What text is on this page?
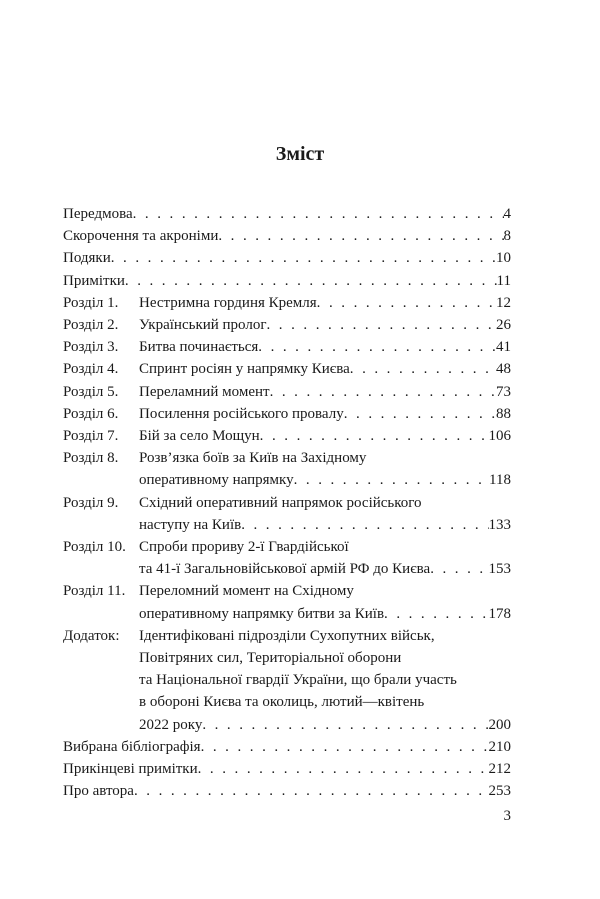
Зміст
Передмова . . .	4
Скорочення та акроніми . . .	8
Подяки . . .	10
Примітки . . .	11
Розділ 1.	Нестримна гординя Кремля . . .	12
Розділ 2.	Український пролог . . .	26
Розділ 3.	Битва починається . . .	41
Розділ 4.	Спринт росіян у напрямку Києва . . .	48
Розділ 5.	Переламний момент . . .	73
Розділ 6.	Посилення російського провалу . . .	88
Розділ 7.	Бій за село Мощун . . .	106
Розділ 8.	Розв’язка боїв за Київ на Західному
оперативному напрямку . . .	118
Розділ 9.	Східний оперативний напрямок російського
наступу на Київ . . .	133
Розділ 10. Спроби прориву 2-ї Гвардійської
та 41-ї Загальновійськової армій РФ до Києва . . .	153
Розділ 11. Переломний момент на Східному
оперативному напрямку битви за Київ . . .	178
Додаток:	Ідентифіковані підрозділи Сухопутних військ,
Повітряних сил, Територіальної оборони
та Національної гвардії України, що брали участь
в обороні Києва та околиць, лютий—квітень
2022 року . . .	200
Вибрана бібліографія . . .	210
Прикінцеві примітки . . .	212
Про автора . . .	253
3
